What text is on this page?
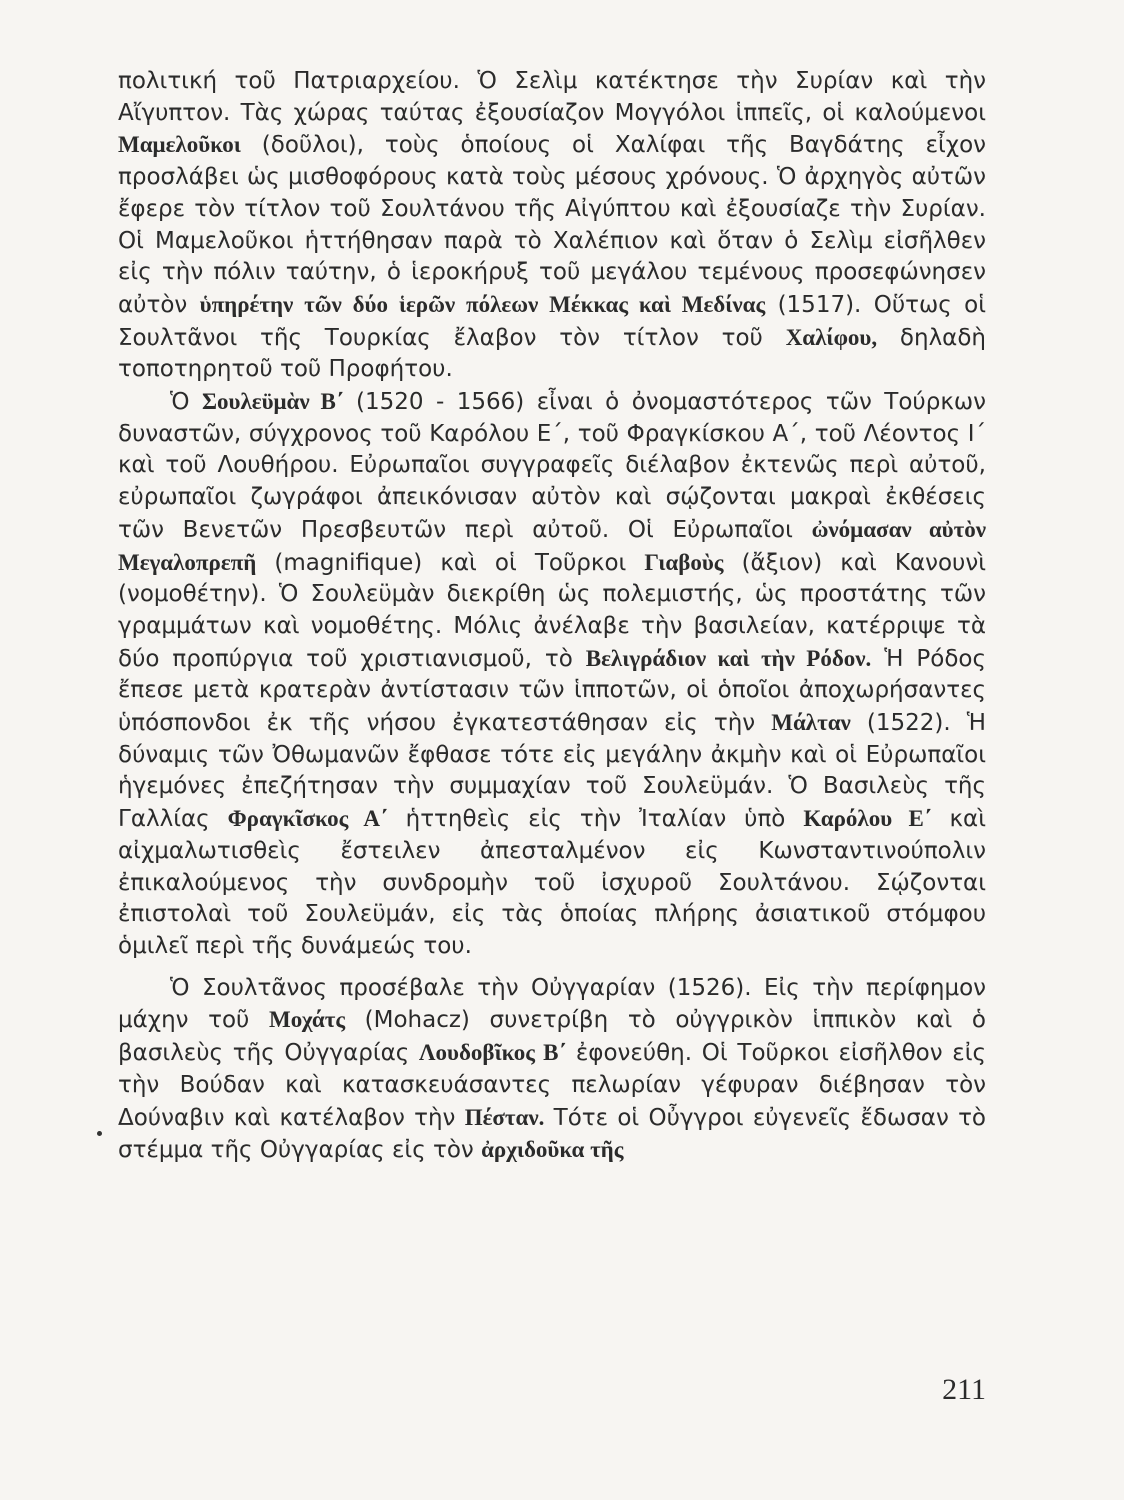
πολιτική τοῦ Πατριαρχείου. Ὁ Σελὶμ κατέκτησε τὴν Συρίαν καὶ τὴν Αἴγυπτον. Τὰς χώρας ταύτας ἐξουσίαζον Μογγόλοι ἱππεῖς, οἱ καλούμενοι Μαμελοῦκοι (δοῦλοι), τοὺς ὁποίους οἱ Χαλίφαι τῆς Βαγδάτης εἶχον προσλάβει ὡς μισθοφόρους κατὰ τοὺς μέσους χρόνους. Ὁ ἀρχηγὸς αὐτῶν ἔφερε τὸν τίτλον τοῦ Σουλτάνου τῆς Αἰγύπτου καὶ ἐξουσίαζε τὴν Συρίαν. Οἱ Μαμελοῦκοι ἡττήθησαν παρὰ τὸ Χαλέπιον καὶ ὅταν ὁ Σελὶμ εἰσῆλθεν εἰς τὴν πόλιν ταύτην, ὁ ἱεροκήρυξ τοῦ μεγάλου τεμένους προσεφώνησεν αὐτὸν ὑπηρέτην τῶν δύο ἱερῶν πόλεων Μέκκας καὶ Μεδίνας (1517). Οὕτως οἱ Σουλτᾶνοι τῆς Τουρκίας ἔλαβον τὸν τίτλον τοῦ Χαλίφου, δηλαδὴ τοποτηρητοῦ τοῦ Προφήτου.

Ὁ Σουλεϋμὰν Β΄ (1520 - 1566) εἶναι ὁ ὀνομαστότερος τῶν Τούρκων δυναστῶν, σύγχρονος τοῦ Καρόλου Ε΄, τοῦ Φραγκίσκου Α΄, τοῦ Λέοντος Ι΄ καὶ τοῦ Λουθήρου. Εὐρωπαῖοι συγγραφεῖς διέλαβον ἐκτενῶς περὶ αὐτοῦ, εὐρωπαῖοι ζωγράφοι ἀπεικόνισαν αὐτὸν καὶ σῴζονται μακραὶ ἐκθέσεις τῶν Βενετῶν Πρεσβευτῶν περὶ αὐτοῦ. Οἱ Εὐρωπαῖοι ὠνόμασαν αὐτὸν Μεγαλοπρεπῆ (magnifique) καὶ οἱ Τοῦρκοι Γιαβοὺς (ἄξιον) καὶ Κανουνὶ (νομοθέτην). Ὁ Σουλεϋμὰν διεκρίθη ὡς πολεμιστής, ὡς προστάτης τῶν γραμμάτων καὶ νομοθέτης. Μόλις ἀνέλαβε τὴν βασιλείαν, κατέρριψε τὰ δύο προπύργια τοῦ χριστιανισμοῦ, τὸ Βελιγράδιον καὶ τὴν Ρόδον. Ἡ Ρόδος ἔπεσε μετὰ κρατερὰν ἀντίστασιν τῶν ἱπποτῶν, οἱ ὁποῖοι ἀποχωρήσαντες ὑπόσπονδοι ἐκ τῆς νήσου ἐγκατεστάθησαν εἰς τὴν Μάλταν (1522). Ἡ δύναμις τῶν Ὀθωμανῶν ἔφθασε τότε εἰς μεγάλην ἀκμὴν καὶ οἱ Εὐρωπαῖοι ἡγεμόνες ἐπεζήτησαν τὴν συμμαχίαν τοῦ Σουλεϋμάν. Ὁ Βασιλεὺς τῆς Γαλλίας Φραγκῖσκος Α΄ ἡττηθεὶς εἰς τὴν Ἰταλίαν ὑπὸ Καρόλου Ε΄ καὶ αἰχμαλωτισθεὶς ἔστειλεν ἀπεσταλμένον εἰς Κωνσταντινούπολιν ἐπικαλούμενος τὴν συνδρομὴν τοῦ ἰσχυροῦ Σουλτάνου. Σῴζονται ἐπιστολαὶ τοῦ Σουλεϋμάν, εἰς τὰς ὁποίας πλήρης ἀσιατικοῦ στόμφου ὁμιλεῖ περὶ τῆς δυνάμεώς του.

Ὁ Σουλτᾶνος προσέβαλε τὴν Οὐγγαρίαν (1526). Εἰς τὴν περίφημον μάχην τοῦ Μοχάτς (Mohacz) συνετρίβη τὸ οὐγγρικὸν ἱππικὸν καὶ ὁ βασιλεὺς τῆς Οὐγγαρίας Λουδοβῖκος Β΄ ἐφονεύθη. Οἱ Τοῦρκοι εἰσῆλθον εἰς τὴν Βούδαν καὶ κατασκευάσαντες πελωρίαν γέφυραν διέβησαν τὸν Δούναβιν καὶ κατέλαβον τὴν Πέσταν. Τότε οἱ Οὖγγροι εὐγενεῖς ἔδωσαν τὸ στέμμα τῆς Οὐγγαρίας εἰς τὸν ἀρχιδοῦκα τῆς

211
